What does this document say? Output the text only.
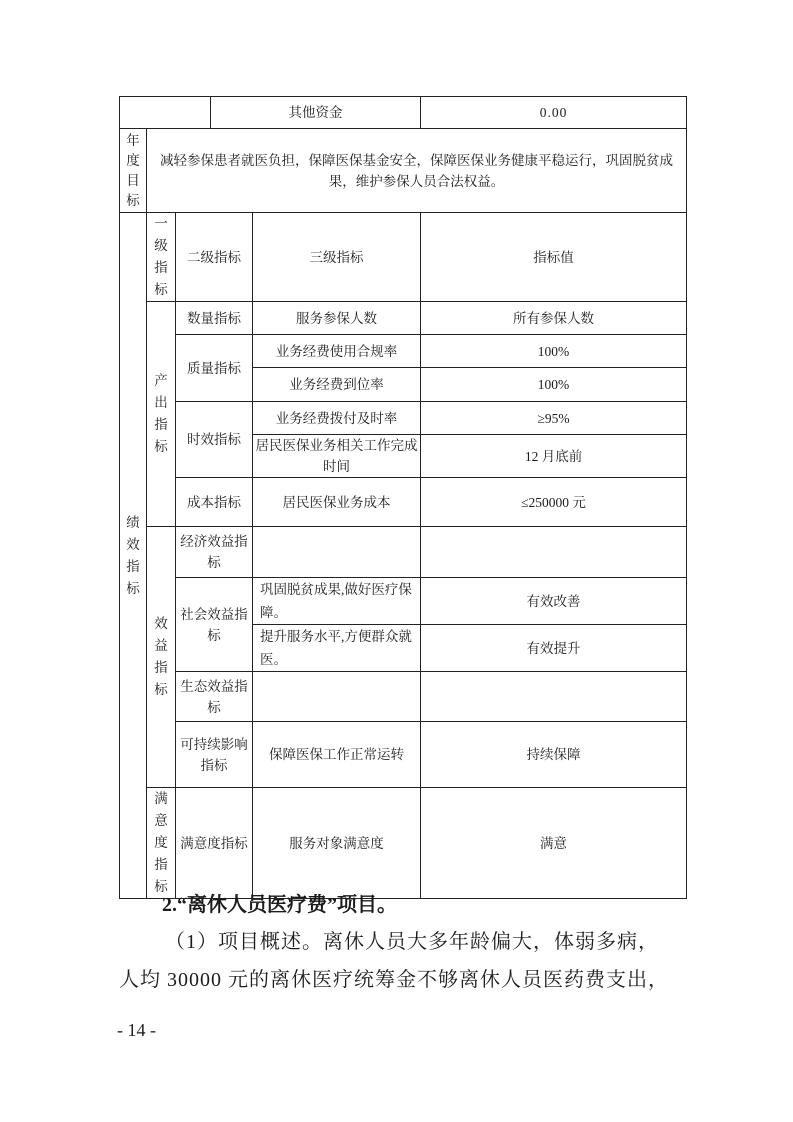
			其他资金		0.00

年度目标	减轻参保患者就医负担，保障医保基金安全，保障医保业务健康平稳运行，巩固脱贫成果，维护参保人员合法权益。				

绩效指标	一级指标	二级指标		三级指标	指标值

	产出指标	数量指标		服务参保人数	所有参保人数
		质量指标		业务经费使用合规率	100%
				业务经费到位率	100%
		时效指标		业务经费拨付及时率	≥95%
				居民医保业务相关工作完成时间	12 月底前
		成本指标		居民医保业务成本	≤250000 元

	效益指标	经济效益指标			
		社会效益指标		巩固脱贫成果,做好医疗保障。	有效改善
				提升服务水平,方便群众就医。	有效提升
		生态效益指标			
		可持续影响指标		保障医保工作正常运转	持续保障

	满意度指标	满意度指标		服务对象满意度	满意
2.“离休人员医疗费”项目。
（1）项目概述。离休人员大多年龄偏大，体弱多病，人均 30000 元的离休医疗统筹金不够离休人员医药费支出，
- 14 -
